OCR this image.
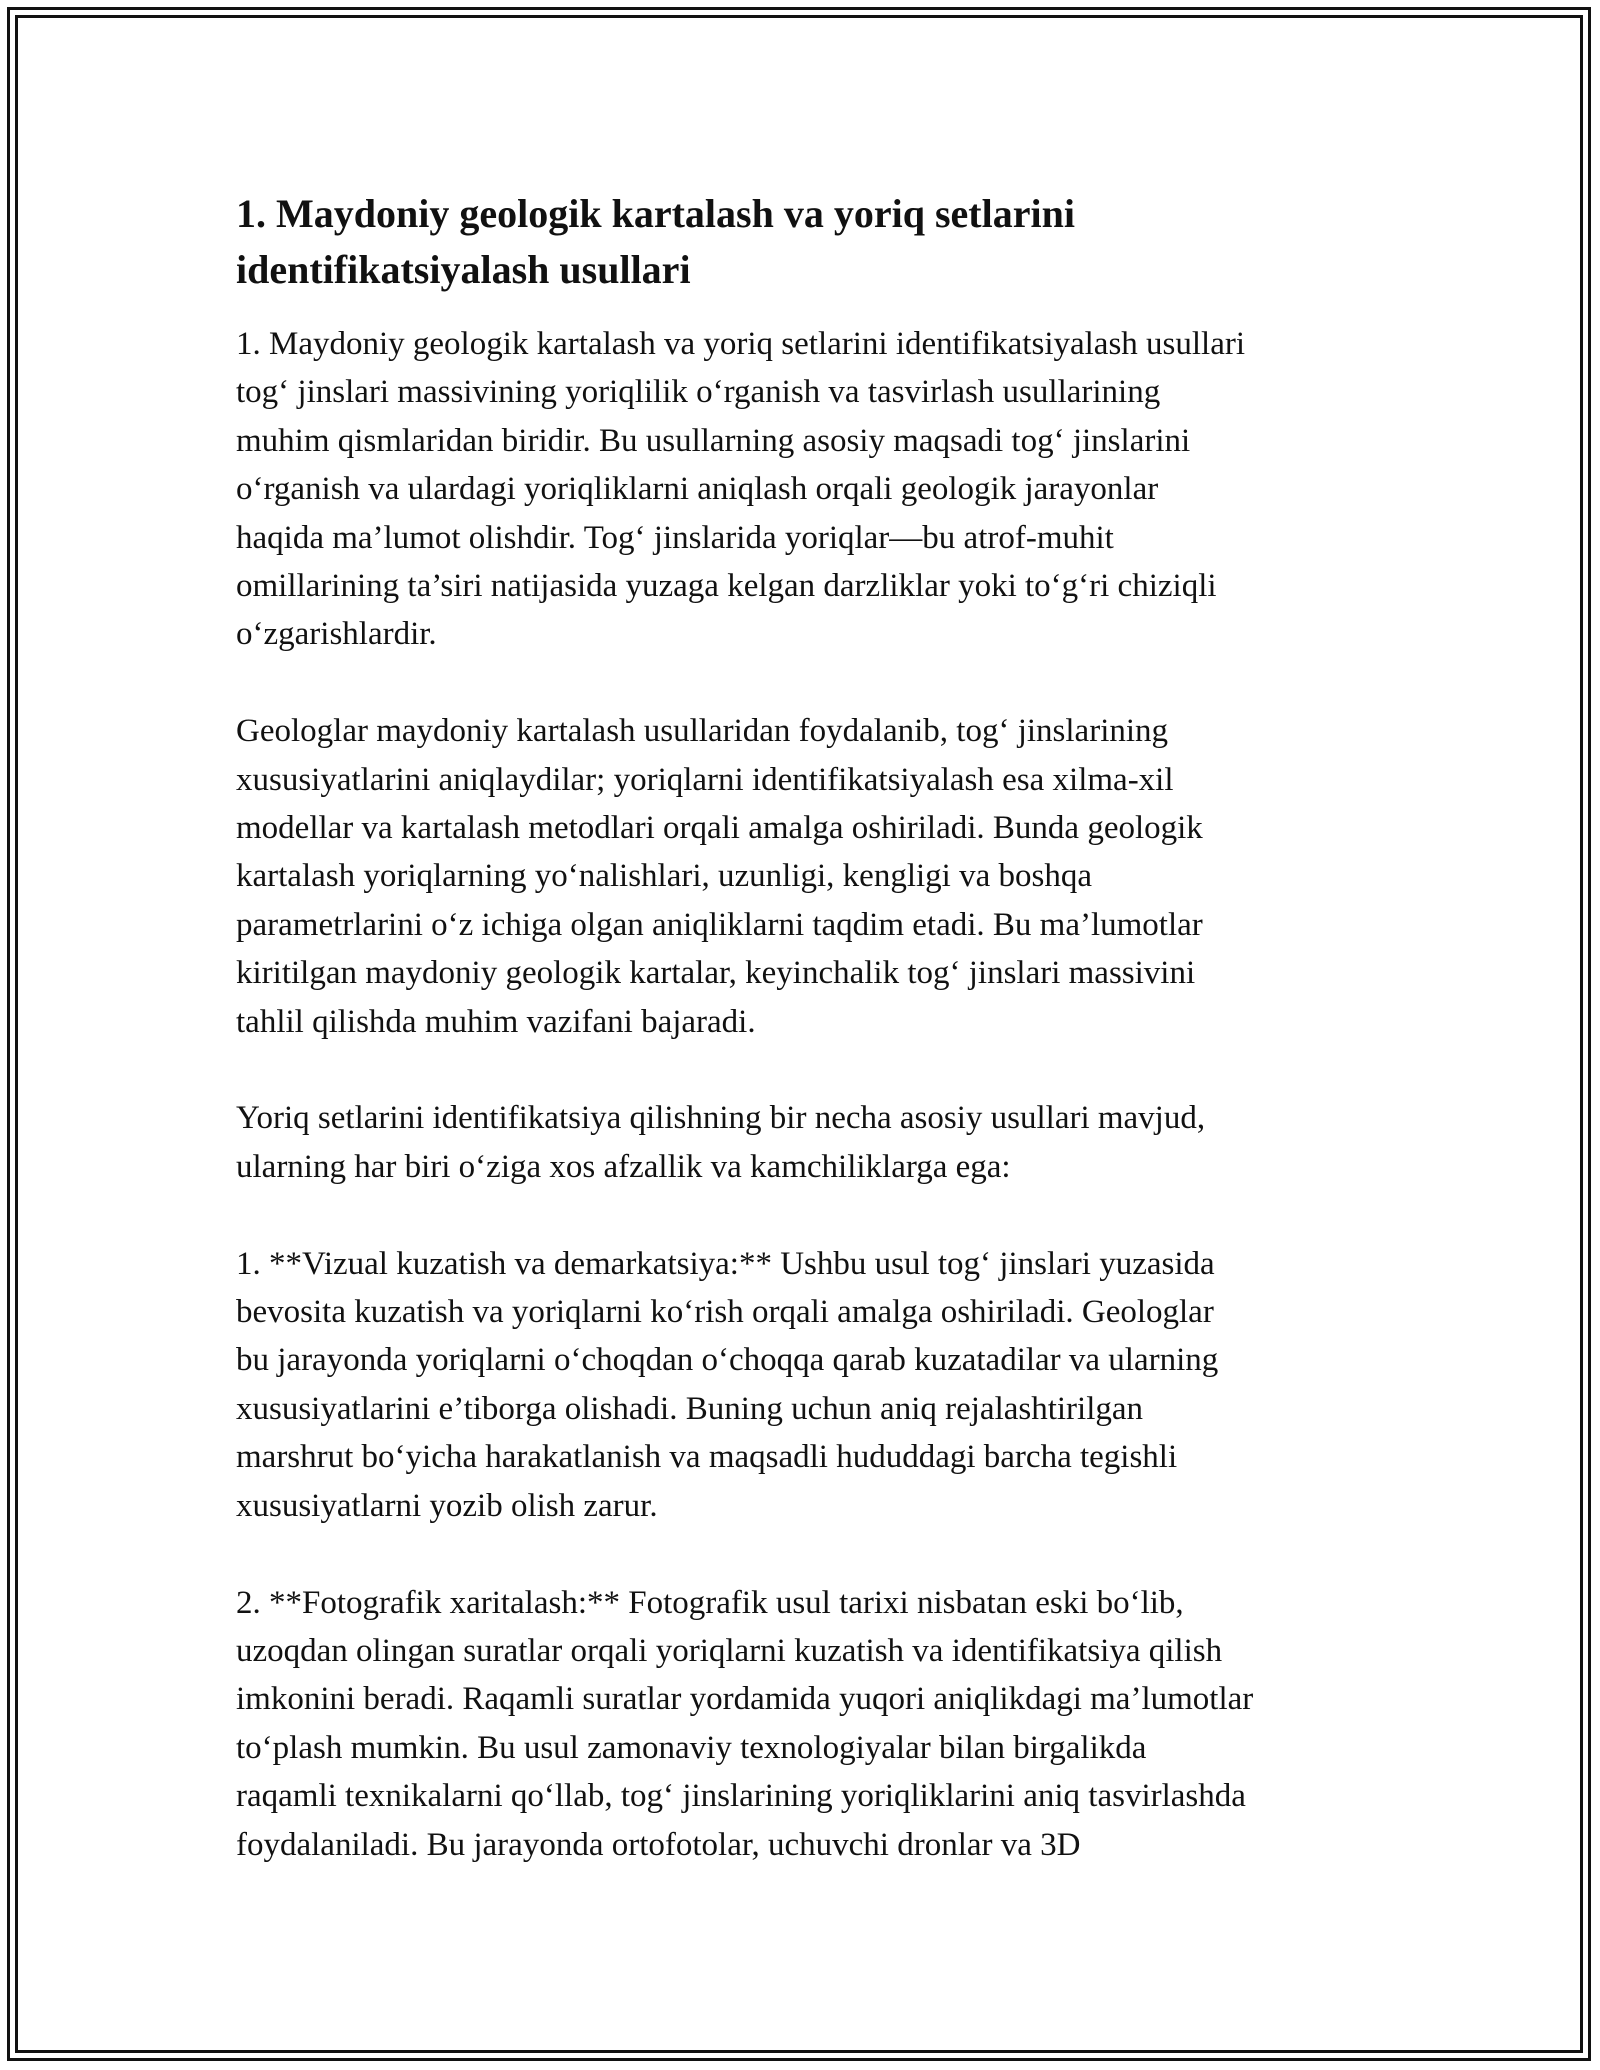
1. Maydoniy geologik kartalash va yoriq setlarini
identifikatsiyalash usullari

1. Maydoniy geologik kartalash va yoriq setlarini identifikatsiyalash usullari
tog‘ jinslari massivining yoriqlilik o‘rganish va tasvirlash usullarining
muhim qismlaridan biridir. Bu usullarning asosiy maqsadi tog‘ jinslarini
o‘rganish va ulardagi yoriqliklarni aniqlash orqali geologik jarayonlar
haqida ma’lumot olishdir. Tog‘ jinslarida yoriqlar—bu atrof-muhit
omillarining ta’siri natijasida yuzaga kelgan darzliklar yoki to‘g‘ri chiziqli
o‘zgarishlardir.

Geologlar maydoniy kartalash usullaridan foydalanib, tog‘ jinslarining
xususiyatlarini aniqlaydilar; yoriqlarni identifikatsiyalash esa xilma-xil
modellar va kartalash metodlari orqali amalga oshiriladi. Bunda geologik
kartalash yoriqlarning yo‘nalishlari, uzunligi, kengligi va boshqa
parametrlarini o‘z ichiga olgan aniqliklarni taqdim etadi. Bu ma’lumotlar
kiritilgan maydoniy geologik kartalar, keyinchalik tog‘ jinslari massivini
tahlil qilishda muhim vazifani bajaradi.

Yoriq setlarini identifikatsiya qilishning bir necha asosiy usullari mavjud,
ularning har biri o‘ziga xos afzallik va kamchiliklarga ega:

1. **Vizual kuzatish va demarkatsiya:** Ushbu usul tog‘ jinslari yuzasida
bevosita kuzatish va yoriqlarni ko‘rish orqali amalga oshiriladi. Geologlar
bu jarayonda yoriqlarni o‘choqdan o‘choqqa qarab kuzatadilar va ularning
xususiyatlarini e’tiborga olishadi. Buning uchun aniq rejalashtirilgan
marshrut bo‘yicha harakatlanish va maqsadli hududdagi barcha tegishli
xususiyatlarni yozib olish zarur.

2. **Fotografik xaritalash:** Fotografik usul tarixi nisbatan eski bo‘lib,
uzoqdan olingan suratlar orqali yoriqlarni kuzatish va identifikatsiya qilish
imkonini beradi. Raqamli suratlar yordamida yuqori aniqlikdagi ma’lumotlar
to‘plash mumkin. Bu usul zamonaviy texnologiyalar bilan birgalikda
raqamli texnikalarni qo‘llab, tog‘ jinslarining yoriqliklarini aniq tasvirlashda
foydalaniladi. Bu jarayonda ortofotolar, uchuvchi dronlar va 3D
